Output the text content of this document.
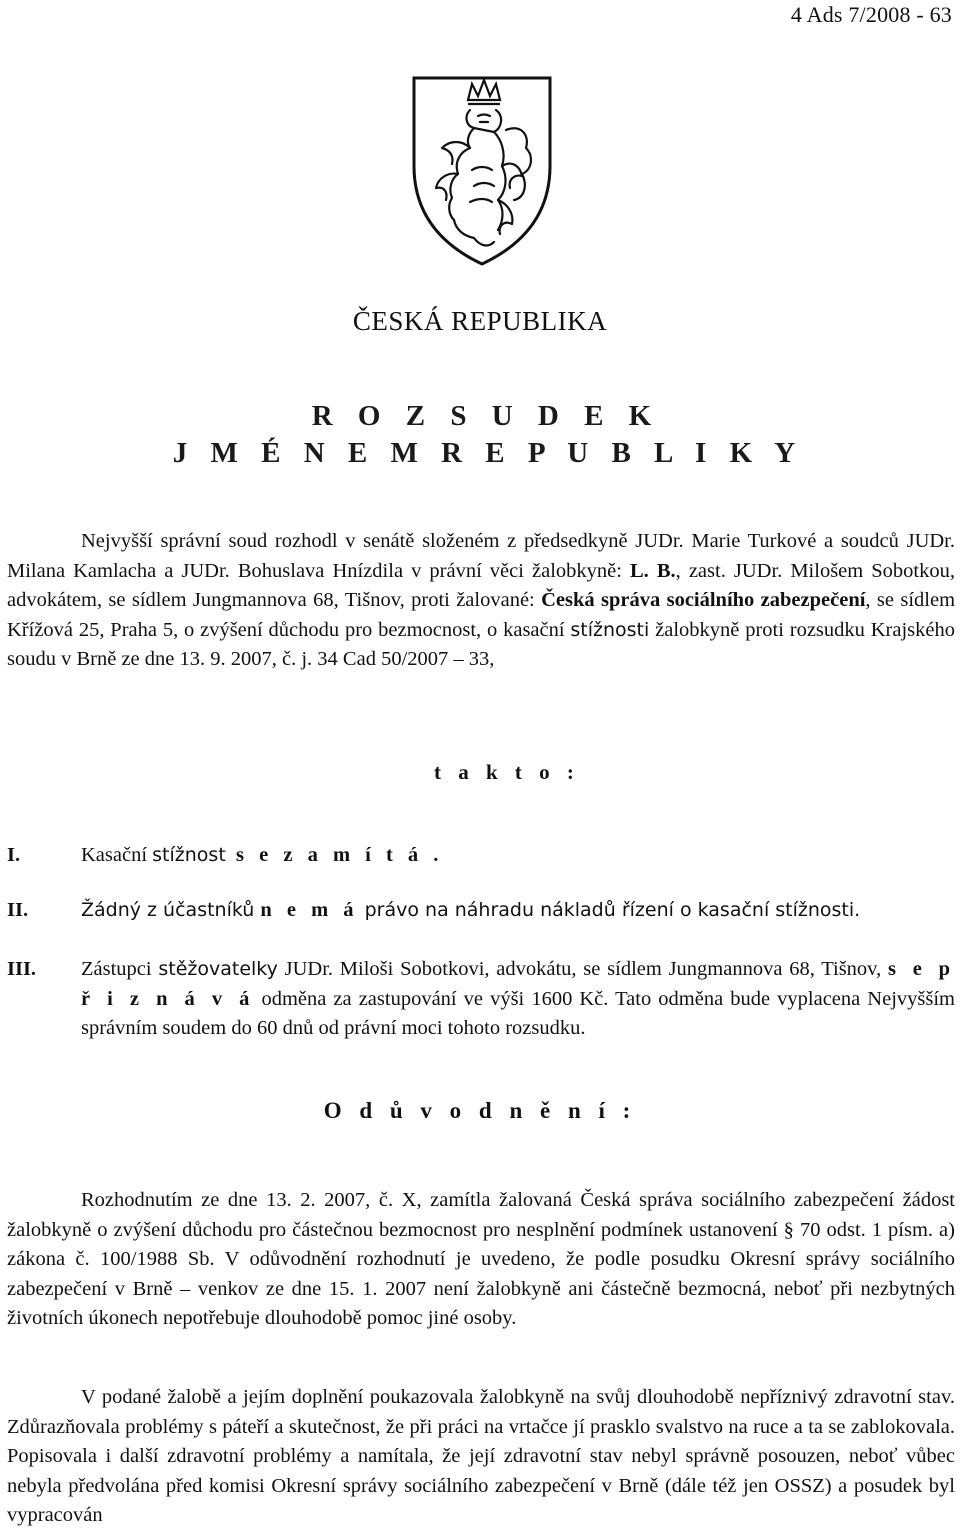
4 Ads 7/2008 - 63
ČESKÁ REPUBLIKA
R O Z S U D E K
J M É N E M R E P U B L I K Y
Nejvyšší správní soud rozhodl v senátě složeném z předsedkyně JUDr. Marie Turkové a soudců JUDr. Milana Kamlacha a JUDr. Bohuslava Hnízdila v právní věci žalobkyně: L. B., zast. JUDr. Milošem Sobotkou, advokátem, se sídlem Jungmannova 68, Tišnov, proti žalované: Česká správa sociálního zabezpečení, se sídlem Křížová 25, Praha 5, o zvýšení důchodu pro bezmocnost, o kasační stížnosti žalobkyně proti rozsudku Krajského soudu v Brně ze dne 13. 9. 2007, č. j. 34 Cad 50/2007 – 33,
t a k t o :
I.	Kasační stížnost s e z a m í t á .
II.	Žádný z účastníků n e m á právo na náhradu nákladů řízení o kasační stížnosti.
III. Zástupci stěžovatelky JUDr. Miloši Sobotkovi, advokátu, se sídlem Jungmannova 68, Tišnov, s e p ř i z n á v á odměna za zastupování ve výši 1600 Kč. Tato odměna bude vyplacena Nejvyšším správním soudem do 60 dnů od právní moci tohoto rozsudku.
O d ů v o d n ě n í :
Rozhodnutím ze dne 13. 2. 2007, č. X, zamítla žalovaná Česká správa sociálního zabezpečení žádost žalobkyně o zvýšení důchodu pro částečnou bezmocnost pro nesplnění podmínek ustanovení § 70 odst. 1 písm. a) zákona č. 100/1988 Sb. V odůvodnění rozhodnutí je uvedeno, že podle posudku Okresní správy sociálního zabezpečení v Brně – venkov ze dne 15. 1. 2007 není žalobkyně ani částečně bezmocná, neboť při nezbytných životních úkonech nepotřebuje dlouhodobě pomoc jiné osoby.
V podané žalobě a jejím doplnění poukazovala žalobkyně na svůj dlouhodobě nepříznivý zdravotní stav. Zdůrazňovala problémy s páteří a skutečnost, že při práci na vrtačce jí prasklo svalstvo na ruce a ta se zablokovala. Popisovala i další zdravotní problémy a namítala, že její zdravotní stav nebyl správně posouzen, neboť vůbec nebyla předvolána před komisi Okresní správy sociálního zabezpečení v Brně (dále též jen OSSZ) a posudek byl vypracován
